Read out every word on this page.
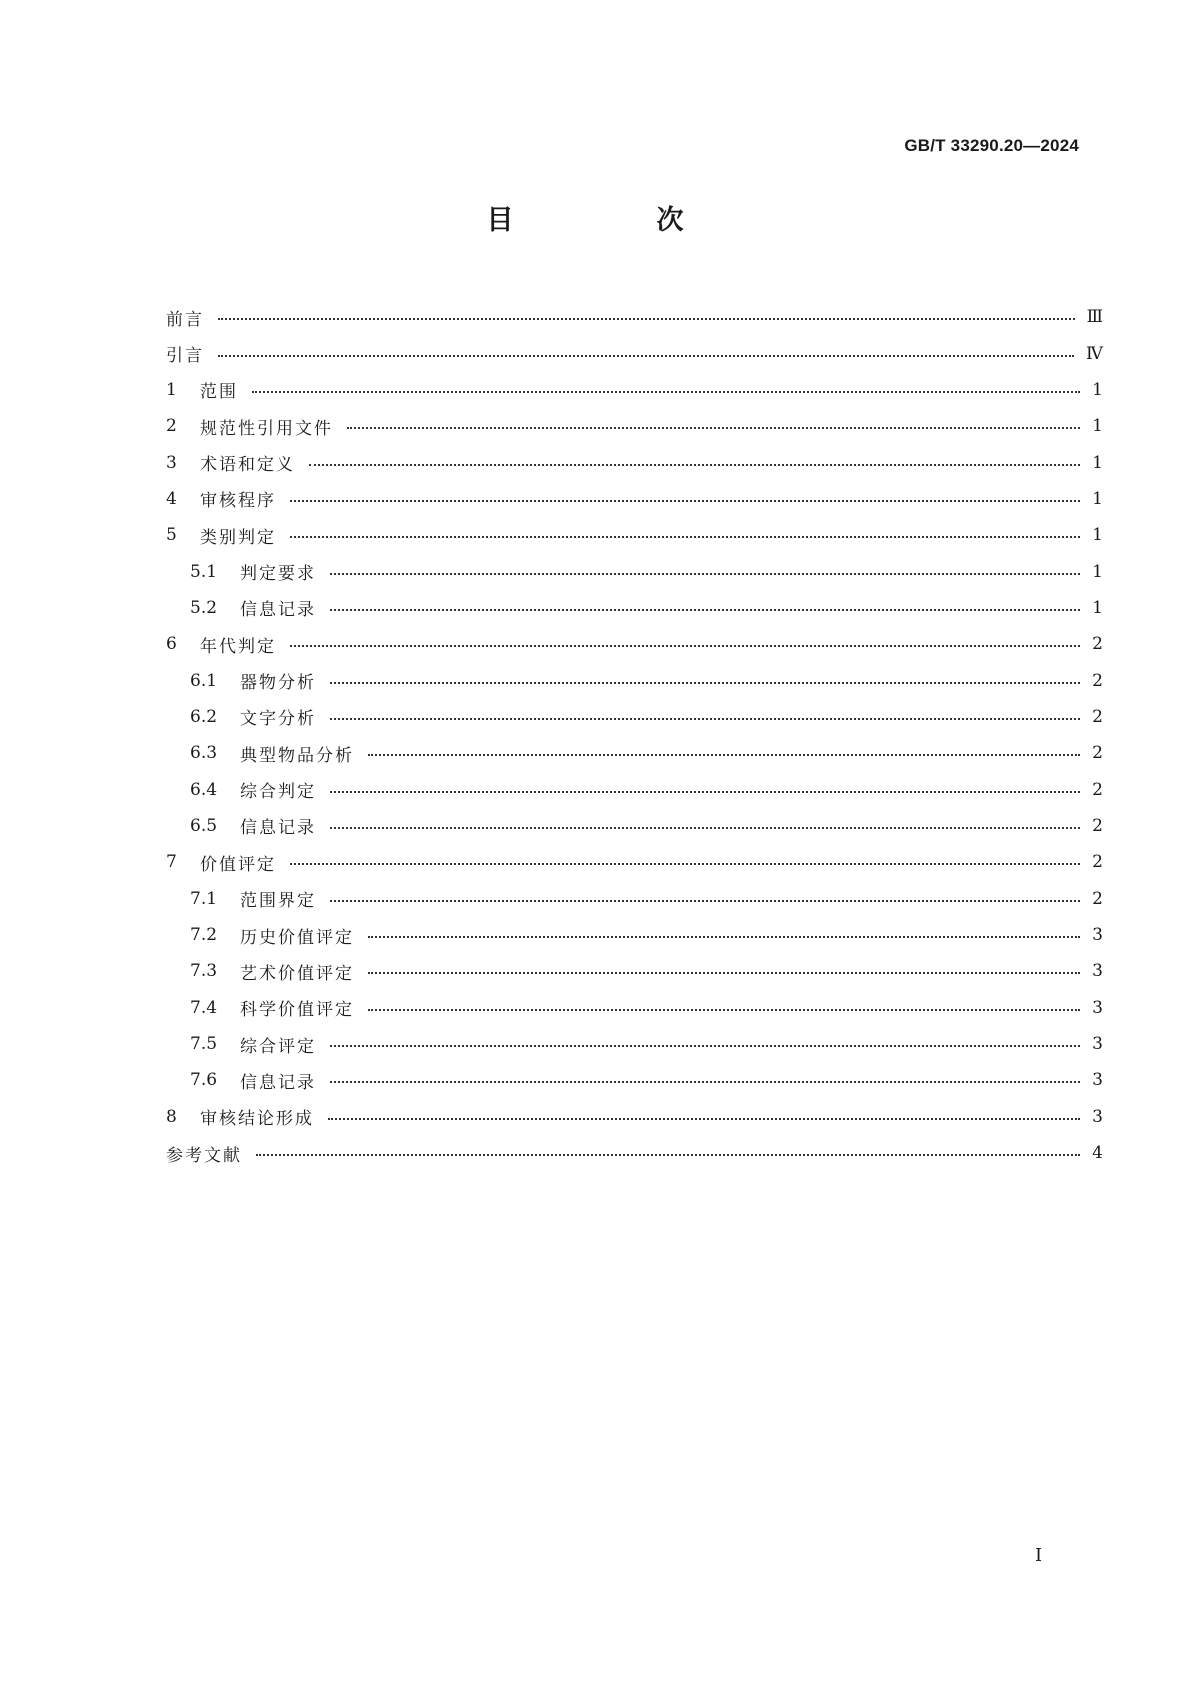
GB/T 33290.20—2024
目　次
前言	Ⅲ
引言	Ⅳ
1	范围	1
2	规范性引用文件	1
3	术语和定义	1
4	审核程序	1
5	类别判定	1
5.1	判定要求	1
5.2	信息记录	1
6	年代判定	2
6.1	器物分析	2
6.2	文字分析	2
6.3	典型物品分析	2
6.4	综合判定	2
6.5	信息记录	2
7	价值评定	2
7.1	范围界定	2
7.2	历史价值评定	3
7.3	艺术价值评定	3
7.4	科学价值评定	3
7.5	综合评定	3
7.6	信息记录	3
8	审核结论形成	3
参考文献	4
Ⅰ
